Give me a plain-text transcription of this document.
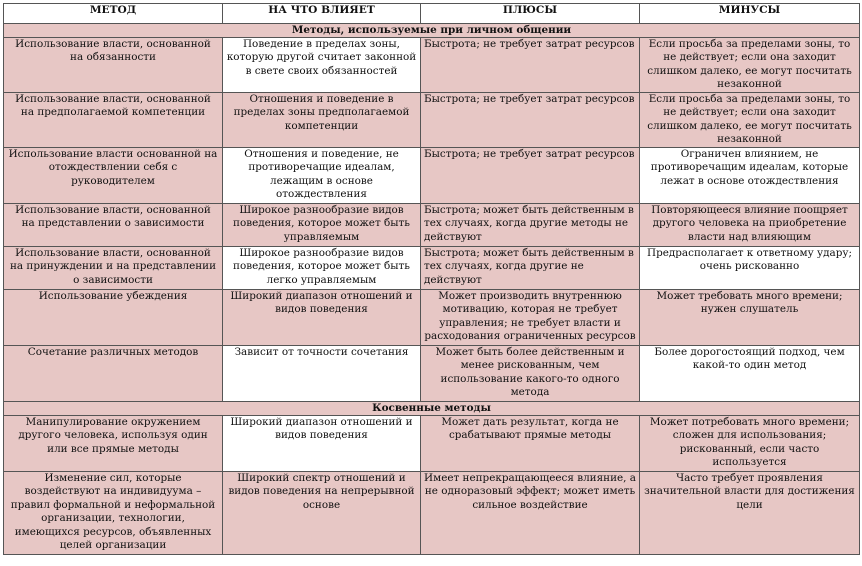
МЕТОД	НА ЧТО ВЛИЯЕТ	ПЛЮСЫ	МИНУСЫ
Методы, используемые при личном общении			
Использование власти, основанной на обязанности	Поведение в пределах зоны, которую другой считает законной в свете своих обязанностей	Быстрота; не требует затрат ресурсов	Если просьба за пределами зоны, то не действует; если она заходит слишком далеко, ее могут посчитать незаконной
Использование власти, основанной на предполагаемой компетенции	Отношения и поведение в пределах зоны предполагаемой компетенции	Быстрота; не требует затрат ресурсов	Если просьба за пределами зоны, то не действует; если она заходит слишком далеко, ее могут посчитать незаконной
Использование власти основанной на отождествлении себя с руководителем	Отношения и поведение, не противоречащие идеалам, лежащим в основе отождествления	Быстрота; не требует затрат ресурсов	Ограничен влиянием, не противоречащим идеалам, которые лежат в основе отождествления
Использование власти, основанной на представлении о зависимости	Широкое разнообразие видов поведения, которое может быть управляемым	Быстрота; может быть действенным в тех случаях, когда другие методы не действуют	Повторяющееся влияние поощряет другого человека на приобретение власти над влияющим
Использование власти, основанной на принуждении и на представлении о зависимости	Широкое разнообразие видов поведения, которое может быть легко управляемым	Быстрота; может быть действенным в тех случаях, когда другие не действуют	Предрасполагает к ответному удару; очень рискованно
Использование убеждения	Широкий диапазон отношений и видов поведения	Может производить внутреннюю мотивацию, которая не требует управления; не требует власти и расходования ограниченных ресурсов	Может требовать много времени; нужен слушатель
Сочетание различных методов	Зависит от точности сочетания	Может быть более действенным и менее рискованным, чем использование какого-то одного метода	Более дорогостоящий подход, чем какой-то один метод
Косвенные методы			
Манипулирование окружением другого человека, используя один или все прямые методы	Широкий диапазон отношений и видов поведения	Может дать результат, когда не срабатывают прямые методы	Может потребовать много времени; сложен для использования; рискованный, если часто используется
Изменение сил, которые воздействуют на индивидуума – правил формальной и неформальной организации, технологии, имеющихся ресурсов, объявленных целей организации	Широкий спектр отношений и видов поведения на непрерывной основе	Имеет непрекращающееся влияние, а не одноразовый эффект; может иметь сильное воздействие	Часто требует проявления значительной власти для достижения цели
